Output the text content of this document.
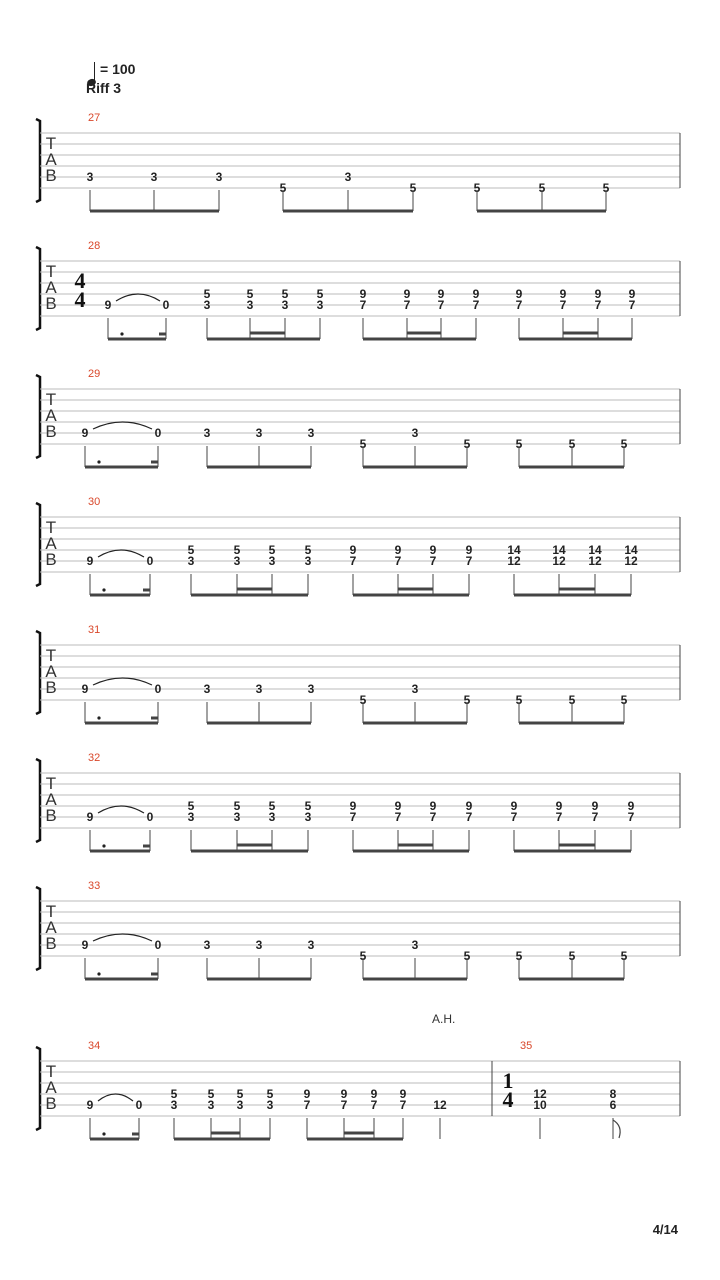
= 100
Riff 3
A.H.
4/14
T
A
B
27
3	3	3
5
3
5	5	5	5
T
A
B
28
4
4 9	0
5
3
5
3
5
3
5
3
9
7
9
7
9
7
9
7
9
7
9
7
9
7
9
7
T
A
B
29
9	0	3	3	3
5
3
5	5	5	5
T
A
B
30
9	0
5
3
5
3
5
3
5
3
9
7
9
7
9
7
9
7
14
12
14
12
14
12
14
12
T
A
B
31
9	0	3	3	3
5
3
5	5	5	5
T
A
B
32
9	0
5
3
5
3
5
3
5
3
9
7
9
7
9
7
9
7
9
7
9
7
9
7
9
7
T
A
B
33
9	0	3	3	3
5
3
5	5	5	5
T
A
B
34
9	0
5
3
5
3
5
3
5
3
9
7
9
7
9
7
9
7 12
12
10
8
6
35
1
4
